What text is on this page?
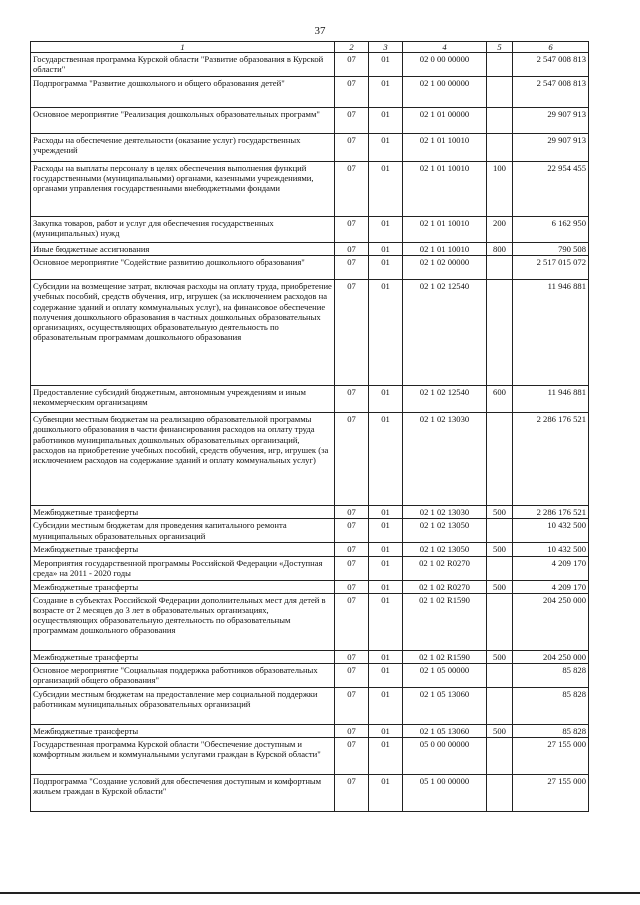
37
1	2	3	4	5	6
Государственная программа Курской области "Развитие образования в Курской области"	07	01	02 0 00 00000		2 547 008 813
Подпрограмма "Развитие дошкольного и общего образования детей"	07	01	02 1 00 00000		2 547 008 813
Основное мероприятие "Реализация дошкольных образовательных программ"	07	01	02 1 01 00000		29 907 913
Расходы на обеспечение деятельности (оказание услуг) государственных учреждений	07	01	02 1 01 10010		29 907 913
Расходы на выплаты персоналу в целях обеспечения выполнения функций государственными (муниципальными) органами, казенными учреждениями, органами управления государственными внебюджетными фондами	07	01	02 1 01 10010	100	22 954 455
Закупка товаров, работ и услуг для обеспечения государственных (муниципальных) нужд	07	01	02 1 01 10010	200	6 162 950
Иные бюджетные ассигнования	07	01	02 1 01 10010	800	790 508
Основное мероприятие "Содействие развитию дошкольного образования"	07	01	02 1 02 00000		2 517 015 072
Субсидии на возмещение затрат, включая расходы на оплату труда, приобретение учебных пособий, средств обучения, игр, игрушек (за исключением расходов на содержание зданий и оплату коммунальных услуг), на финансовое обеспечение получения дошкольного образования в частных дошкольных образовательных организациях, осуществляющих образовательную деятельность по образовательным программам дошкольного образования	07	01	02 1 02 12540		11 946 881
Предоставление субсидий бюджетным, автономным учреждениям и иным некоммерческим организациям	07	01	02 1 02 12540	600	11 946 881
Субвенции местным бюджетам на реализацию образовательной программы дошкольного образования в части финансирования расходов на оплату труда работников муниципальных дошкольных образовательных организаций, расходов на приобретение учебных пособий, средств обучения, игр, игрушек (за исключением расходов на содержание зданий и оплату коммунальных услуг)	07	01	02 1 02 13030		2 286 176 521
Межбюджетные трансферты	07	01	02 1 02 13030	500	2 286 176 521
Субсидии местным бюджетам для проведения капитального ремонта муниципальных образовательных организаций	07	01	02 1 02 13050		10 432 500
Межбюджетные трансферты	07	01	02 1 02 13050	500	10 432 500
Мероприятия государственной программы Российской Федерации «Доступная среда» на 2011 - 2020 годы	07	01	02 1 02 R0270		4 209 170
Межбюджетные трансферты	07	01	02 1 02 R0270	500	4 209 170
Создание в субъектах Российской Федерации дополнительных мест для детей в возрасте от 2 месяцев до 3 лет в образовательных организациях, осуществляющих образовательную деятельность по образовательным программам дошкольного образования	07	01	02 1 02 R1590		204 250 000
Межбюджетные трансферты	07	01	02 1 02 R1590	500	204 250 000
Основное мероприятие "Социальная поддержка работников образовательных организаций общего образования"	07	01	02 1 05 00000		85 828
Субсидии местным бюджетам на предоставление мер социальной поддержки работникам муниципальных образовательных организаций	07	01	02 1 05 13060		85 828
Межбюджетные трансферты	07	01	02 1 05 13060	500	85 828
Государственная программа Курской области "Обеспечение доступным и комфортным жильем и коммунальными услугами граждан в Курской области"	07	01	05 0 00 00000		27 155 000
Подпрограмма "Создание условий для обеспечения доступным и комфортным жильем граждан в Курской области"	07	01	05 1 00 00000		27 155 000
